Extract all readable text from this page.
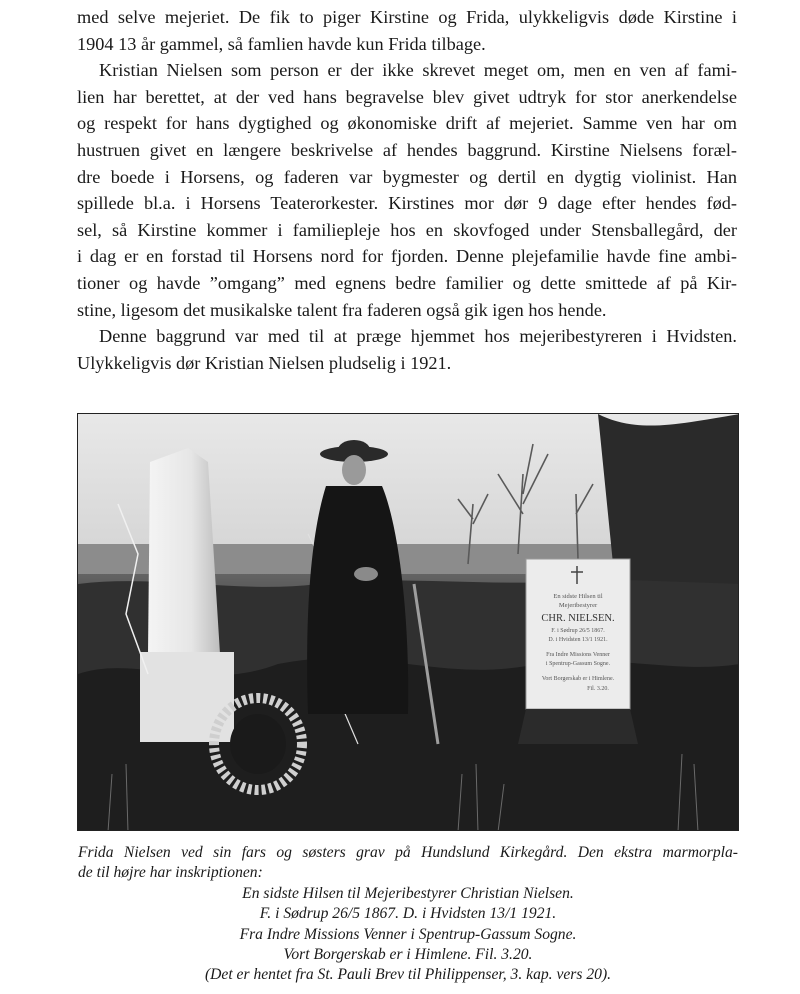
med selve mejeriet. De fik to piger Kirstine og Frida, ulykkeligvis døde Kirstine i
1904 13 år gammel, så famlien havde kun Frida tilbage.
Kristian Nielsen som person er der ikke skrevet meget om, men en ven af fami-
lien har berettet, at der ved hans begravelse blev givet udtryk for stor anerkendelse
og respekt for hans dygtighed og økonomiske drift af mejeriet. Samme ven har om
hustruen givet en længere beskrivelse af hendes baggrund. Kirstine Nielsens foræl-
dre boede i Horsens, og faderen var bygmester og dertil en dygtig violinist. Han
spillede bl.a. i Horsens Teaterorkester. Kirstines mor dør 9 dage efter hendes fød-
sel, så Kirstine kommer i familiepleje hos en skovfoged under Stensballegård, der
i dag er en forstad til Horsens nord for fjorden. Denne plejefamilie havde fine ambi-
tioner og havde ”omgang” med egnens bedre familier og dette smittede af på Kir-
stine, ligesom det musikalske talent fra faderen også gik igen hos hende.
Denne baggrund var med til at præge hjemmet hos mejeribestyreren i Hvidsten.
Ulykkeligvis dør Kristian Nielsen pludselig i 1921.
En sidste Hilsen til
Mejeribestyrer
CHR. NIELSEN.
F. i Sødrup 26/5 1867.
D. i Hvidsten 13/1 1921.
Fra Indre Missions Venner
i Spentrup-Gassum Sogne.
Vort Borgerskab er i Himlene.
Fil. 3.20.
Frida Nielsen ved sin fars og søsters grav på Hundslund Kirkegård. Den ekstra marmorpla-
de til højre har inskriptionen:
En sidste Hilsen til Mejeribestyrer Christian Nielsen.
F. i Sødrup 26/5 1867. D. i Hvidsten 13/1 1921.
Fra Indre Missions Venner i Spentrup-Gassum Sogne.
Vort Borgerskab er i Himlene. Fil. 3.20.
(Det er hentet fra St. Pauli Brev til Philippenser, 3. kap. vers 20).
